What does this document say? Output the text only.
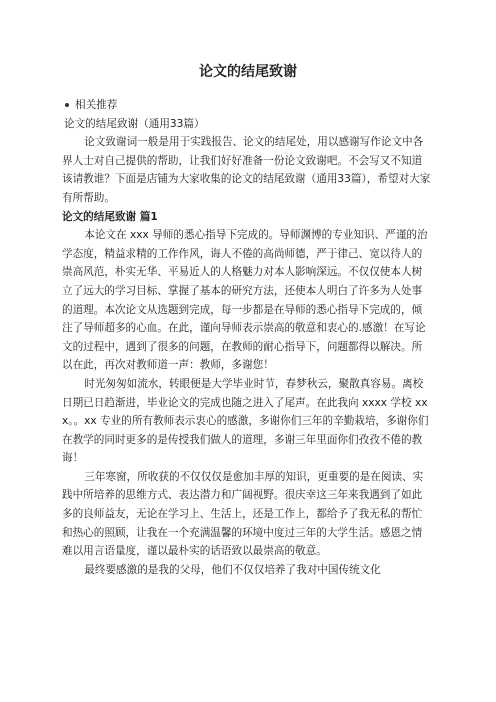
论文的结尾致谢

相关推荐

论文的结尾致谢（通用33篇）

论文致谢词一般是用于实践报告、论文的结尾处，用以感谢写作论文中各界人士对自己提供的帮助，让我们好好准备一份论文致谢吧。不会写又不知道该请教谁？下面是店铺为大家收集的论文的结尾致谢（通用33篇），希望对大家有所帮助。

论文的结尾致谢 篇1

本论文在 xxx 导师的悉心指导下完成的。导师渊博的专业知识、严谨的治学态度，精益求精的工作作风，诲人不倦的高尚师德，严于律己、宽以待人的崇高风范，朴实无华、平易近人的人格魅力对本人影响深远。不仅仅使本人树立了远大的学习目标、掌握了基本的研究方法，还使本人明白了许多为人处事的道理。本次论文从选题到完成，每一步都是在导师的悉心指导下完成的，倾注了导师超多的心血。在此，谨向导师表示崇高的敬意和衷心的.感激！在写论文的过程中，遇到了很多的问题，在教师的耐心指导下，问题都得以解决。所以在此，再次对教师道一声：教师，多谢您！

时光匆匆如流水，转眼便是大学毕业时节，春梦秋云，聚散真容易。离校日期已日趋渐进，毕业论文的完成也随之进入了尾声。在此我向 xxxx 学校 xxx。。xx 专业的所有教师表示衷心的感激，多谢你们三年的辛勤栽培，多谢你们在教学的同时更多的是传授我们做人的道理，多谢三年里面你们孜孜不倦的教诲！

三年寒窗，所收获的不仅仅仅是愈加丰厚的知识，更重要的是在阅读、实践中所培养的思维方式、表达潜力和广阔视野。很庆幸这三年来我遇到了如此多的良师益友，无论在学习上、生活上，还是工作上，都给予了我无私的帮忙和热心的照顾，让我在一个充满温馨的环境中度过三年的大学生活。感恩之情难以用言语量度，谨以最朴实的话语致以最崇高的敬意。

最终要感激的是我的父母，他们不仅仅培养了我对中国传统文化
